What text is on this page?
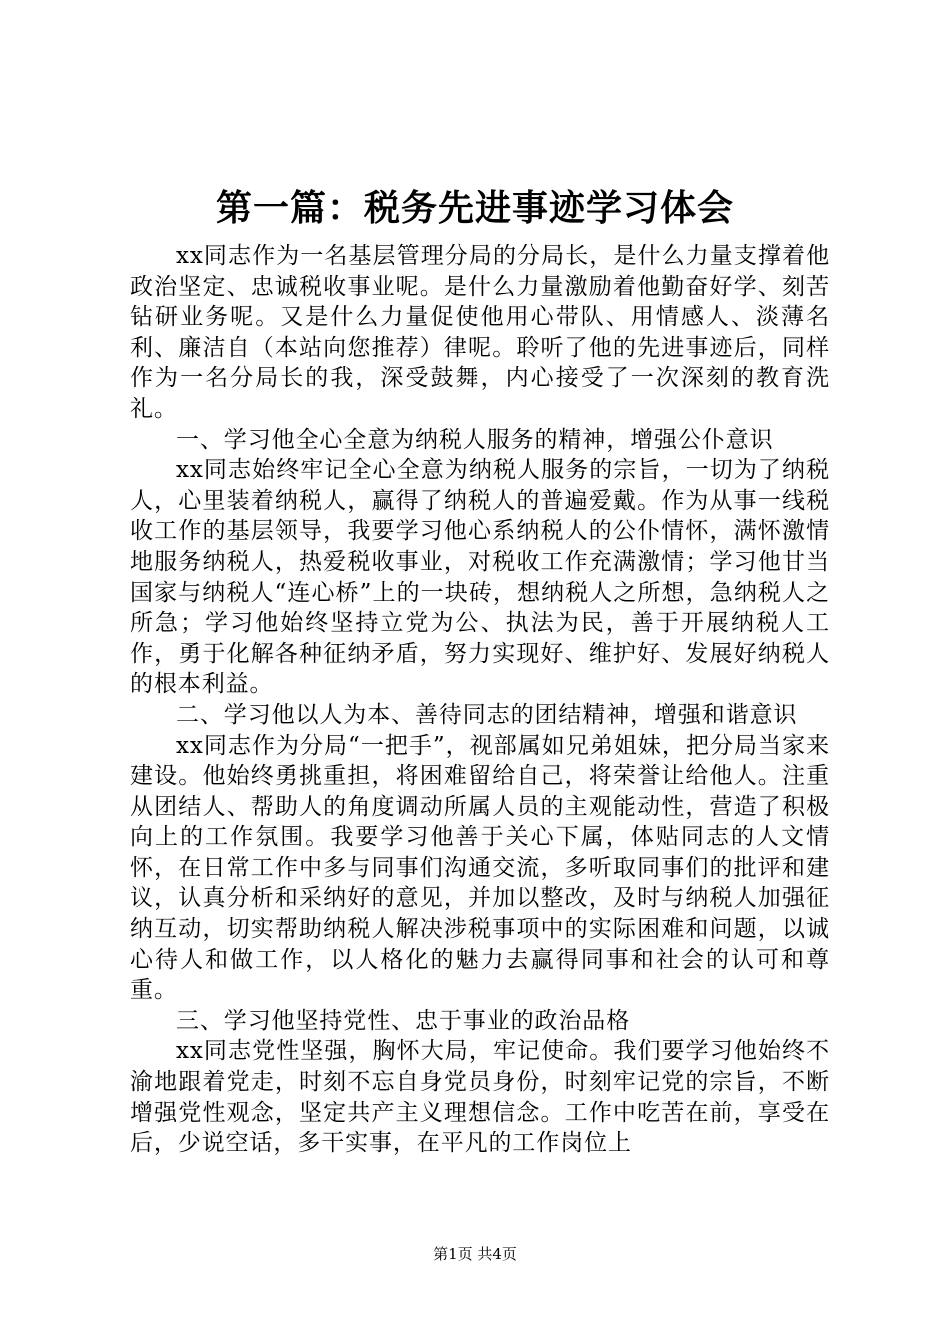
第一篇：税务先进事迹学习体会

xx同志作为一名基层管理分局的分局长，是什么力量支撑着他政治坚定、忠诚税收事业呢。是什么力量激励着他勤奋好学、刻苦钻研业务呢。又是什么力量促使他用心带队、用情感人、淡薄名利、廉洁自（本站向您推荐）律呢。聆听了他的先进事迹后，同样作为一名分局长的我，深受鼓舞，内心接受了一次深刻的教育洗礼。

一、学习他全心全意为纳税人服务的精神，增强公仆意识

xx同志始终牢记全心全意为纳税人服务的宗旨，一切为了纳税人，心里装着纳税人，赢得了纳税人的普遍爱戴。作为从事一线税收工作的基层领导，我要学习他心系纳税人的公仆情怀，满怀激情地服务纳税人，热爱税收事业，对税收工作充满激情；学习他甘当国家与纳税人“连心桥”上的一块砖，想纳税人之所想，急纳税人之所急；学习他始终坚持立党为公、执法为民，善于开展纳税人工作，勇于化解各种征纳矛盾，努力实现好、维护好、发展好纳税人的根本利益。

二、学习他以人为本、善待同志的团结精神，增强和谐意识

xx同志作为分局“一把手”，视部属如兄弟姐妹，把分局当家来建设。他始终勇挑重担，将困难留给自己，将荣誉让给他人。注重从团结人、帮助人的角度调动所属人员的主观能动性，营造了积极向上的工作氛围。我要学习他善于关心下属，体贴同志的人文情怀，在日常工作中多与同事们沟通交流，多听取同事们的批评和建议，认真分析和采纳好的意见，并加以整改，及时与纳税人加强征纳互动，切实帮助纳税人解决涉税事项中的实际困难和问题，以诚心待人和做工作，以人格化的魅力去赢得同事和社会的认可和尊重。

三、学习他坚持党性、忠于事业的政治品格

xx同志党性坚强，胸怀大局，牢记使命。我们要学习他始终不渝地跟着党走，时刻不忘自身党员身份，时刻牢记党的宗旨，不断增强党性观念，坚定共产主义理想信念。工作中吃苦在前，享受在后，少说空话，多干实事，在平凡的工作岗位上

第1页 共4页
